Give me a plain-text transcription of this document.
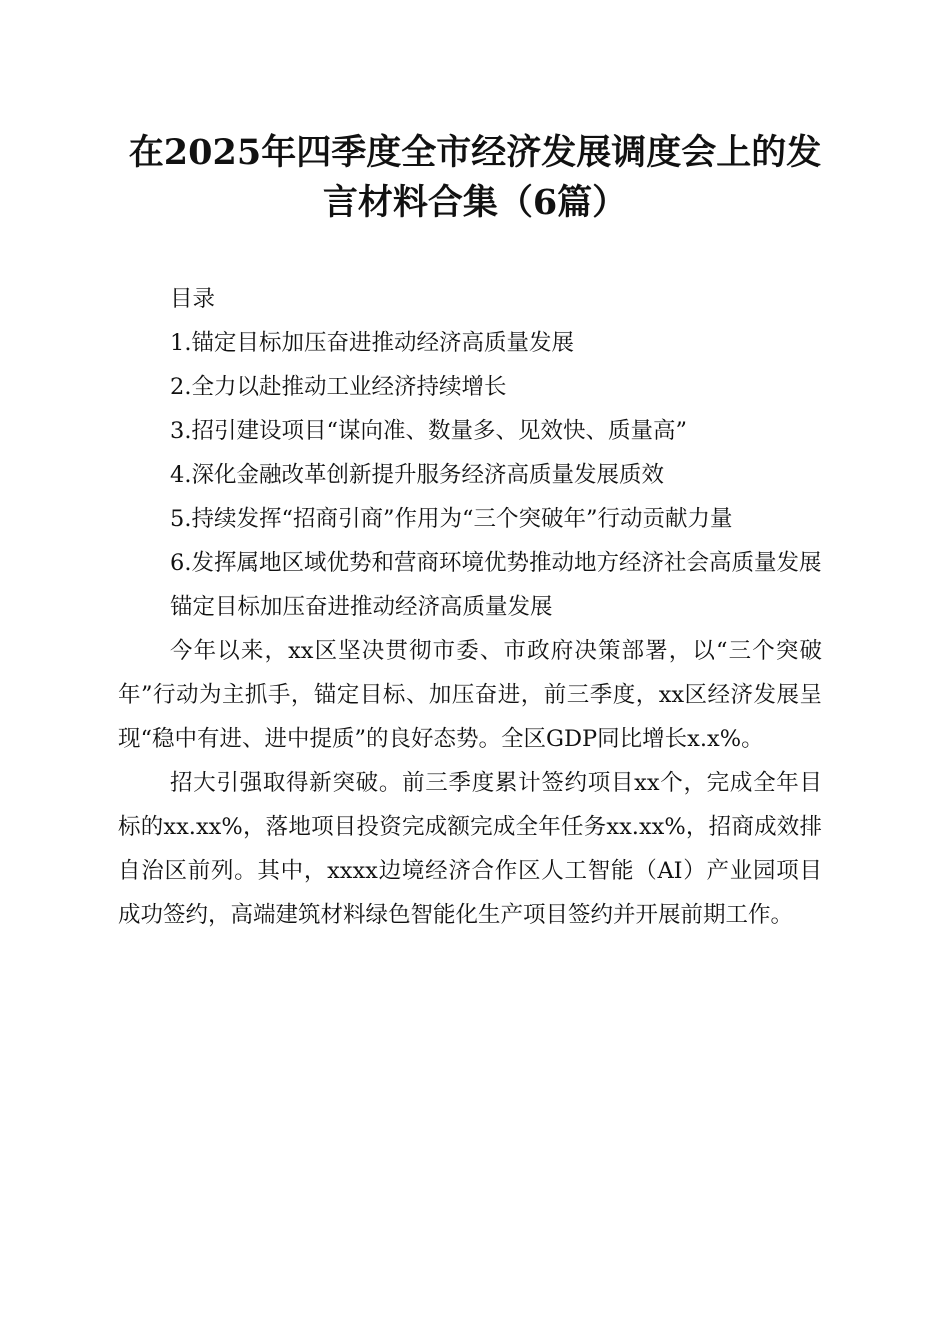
在2025年四季度全市经济发展调度会上的发
言材料合集（6篇）

目录

1.锚定目标加压奋进推动经济高质量发展

2.全力以赴推动工业经济持续增长

3.招引建设项目“谋向准、数量多、见效快、质量高”

4.深化金融改革创新提升服务经济高质量发展质效

5.持续发挥“招商引商”作用为“三个突破年”行动贡献力量

6.发挥属地区域优势和营商环境优势推动地方经济社会高质量发展

锚定目标加压奋进推动经济高质量发展

今年以来，xx区坚决贯彻市委、市政府决策部署，以“三个突破年”行动为主抓手，锚定目标、加压奋进，前三季度，xx区经济发展呈现“稳中有进、进中提质”的良好态势。全区GDP同比增长x.x%。

招大引强取得新突破。前三季度累计签约项目xx个，完成全年目标的xx.xx%，落地项目投资完成额完成全年任务xx.xx%，招商成效排自治区前列。其中，xxxx边境经济合作区人工智能（AI）产业园项目成功签约，高端建筑材料绿色智能化生产项目签约并开展前期工作。
